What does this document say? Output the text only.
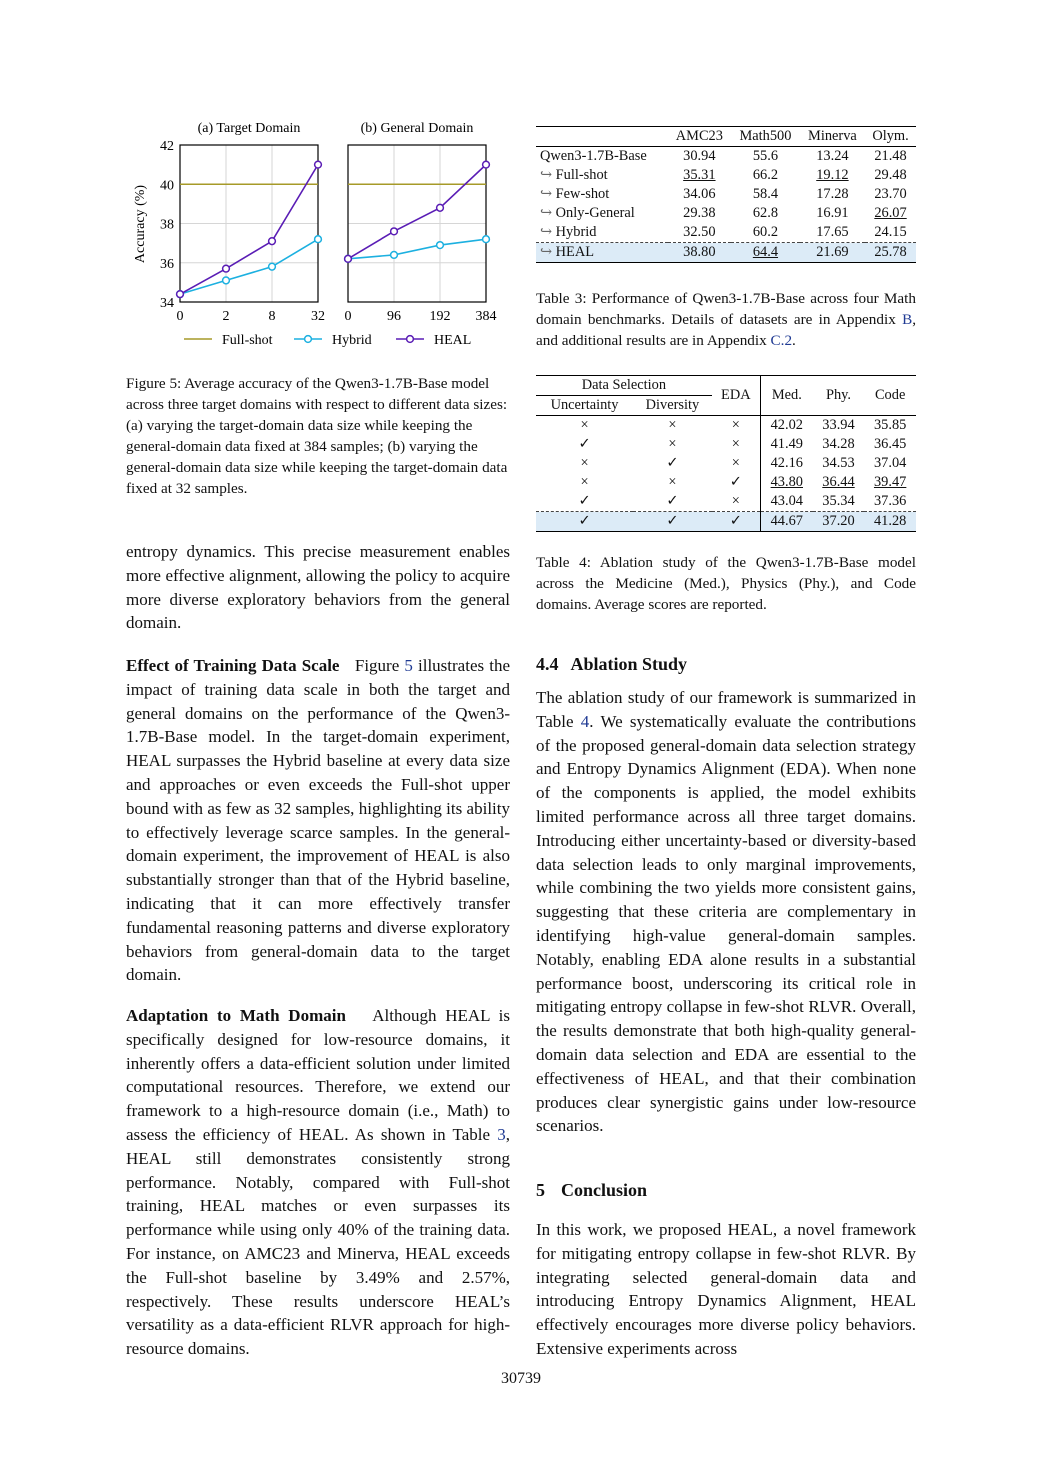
(a) Target Domain
0	2	8	32
34
36
38
40
42
(b) General Domain
0	96 192 384
Accuracy (%)
Full-shot	Hybrid	HEAL
Figure 5: Average accuracy of the Qwen3-1.7B-Base model across three target domains with respect to different data sizes: (a) varying the target-domain data size while keeping the general-domain data fixed at 384 samples; (b) varying the general-domain data size while keeping the target-domain data fixed at 32 samples.

entropy dynamics. This precise measurement enables more effective alignment, allowing the policy to acquire more diverse exploratory behaviors from the general domain.

Effect of Training Data Scale Figure 5 illustrates the impact of training data scale in both the target and general domains on the performance of the Qwen3-1.7B-Base model. In the target-domain experiment, HEAL surpasses the Hybrid baseline at every data size and approaches or even exceeds the Full-shot upper bound with as few as 32 samples, highlighting its ability to effectively leverage scarce samples. In the general-domain experiment, the improvement of HEAL is also substantially stronger than that of the Hybrid baseline, indicating that it can more effectively transfer fundamental reasoning patterns and diverse exploratory behaviors from general-domain data to the target domain.

Adaptation to Math Domain Although HEAL is specifically designed for low-resource domains, it inherently offers a data-efficient solution under limited computational resources. Therefore, we extend our framework to a high-resource domain (i.e., Math) to assess the efficiency of HEAL. As shown in Table 3, HEAL still demonstrates consistently strong performance. Notably, compared with Full-shot training, HEAL matches or even surpasses its performance while using only 40% of the training data. For instance, on AMC23 and Minerva, HEAL exceeds the Full-shot baseline by 3.49% and 2.57%, respectively. These results underscore HEAL’s versatility as a data-efficient RLVR approach for high-resource domains.

	AMC23	Math500	Minerva	Olym.
Qwen3-1.7B-Base	30.94	55.6	13.24	21.48
↪ Full-shot	35.31	66.2	19.12	29.48
↪ Few-shot	34.06	58.4	17.28	23.70
↪ Only-General	29.38	62.8	16.91	26.07
↪ Hybrid	32.50	60.2	17.65	24.15
↪ HEAL	38.80	64.4	21.69	25.78
Table 3: Performance of Qwen3-1.7B-Base across four Math domain benchmarks. Details of datasets are in Appendix B, and additional results are in Appendix C.2.
Data Selection		EDA	Med.	Phy.	Code
Uncertainty	Diversity				
×	×	×	42.02	33.94	35.85
✓	×	×	41.49	34.28	36.45
×	✓	×	42.16	34.53	37.04
×	×	✓	43.80	36.44	39.47
✓	✓	×	43.04	35.34	37.36
✓	✓	✓	44.67	37.20	41.28
Table 4: Ablation study of the Qwen3-1.7B-Base model across the Medicine (Med.), Physics (Phy.), and Code domains. Average scores are reported.
4.4 Ablation Study

The ablation study of our framework is summarized in Table 4. We systematically evaluate the contributions of the proposed general-domain data selection strategy and Entropy Dynamics Alignment (EDA). When none of the components is applied, the model exhibits limited performance across all three target domains. Introducing either uncertainty-based or diversity-based data selection leads to only marginal improvements, while combining the two yields more consistent gains, suggesting that these criteria are complementary in identifying high-value general-domain samples. Notably, enabling EDA alone results in a substantial performance boost, underscoring its critical role in mitigating entropy collapse in few-shot RLVR. Overall, the results demonstrate that both high-quality general-domain data selection and EDA are essential to the effectiveness of HEAL, and that their combination produces clear synergistic gains under low-resource scenarios.

5 Conclusion

In this work, we proposed HEAL, a novel framework for mitigating entropy collapse in few-shot RLVR. By integrating selected general-domain data and introducing Entropy Dynamics Alignment, HEAL effectively encourages more diverse policy behaviors. Extensive experiments across

30739
